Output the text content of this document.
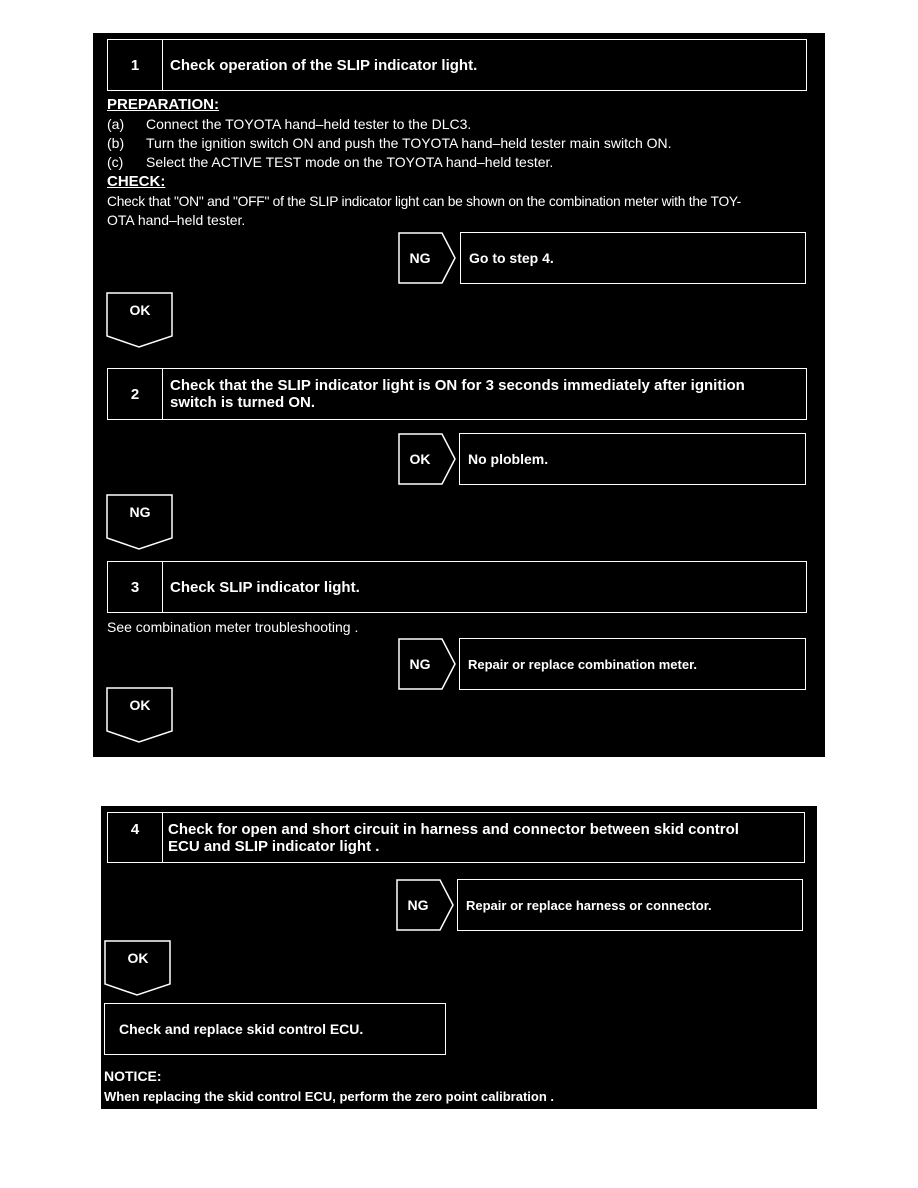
1	Check operation of the SLIP indicator light.
PREPARATION:
(a) Connect the TOYOTA hand–held tester to the DLC3.
(b) Turn the ignition switch ON and push the TOYOTA hand–held tester main switch ON.
(c) Select the ACTIVE TEST mode on the TOYOTA hand–held tester.
CHECK:
Check that "ON" and "OFF" of the SLIP indicator light can be shown on the combination meter with the TOY-
OTA hand–held tester.
NG	Go to step 4.
OK
2	Check that the SLIP indicator light is ON for 3 seconds immediately after ignition
switch is turned ON.
OK	No ploblem.
NG
3	Check SLIP indicator light.
See combination meter troubleshooting .
NG	Repair or replace combination meter.
OK
4	Check for open and short circuit in harness and connector between skid control
ECU and SLIP indicator light .
NG	Repair or replace harness or connector.
OK
Check and replace skid control ECU.
NOTICE:
When replacing the skid control ECU, perform the zero point calibration .
